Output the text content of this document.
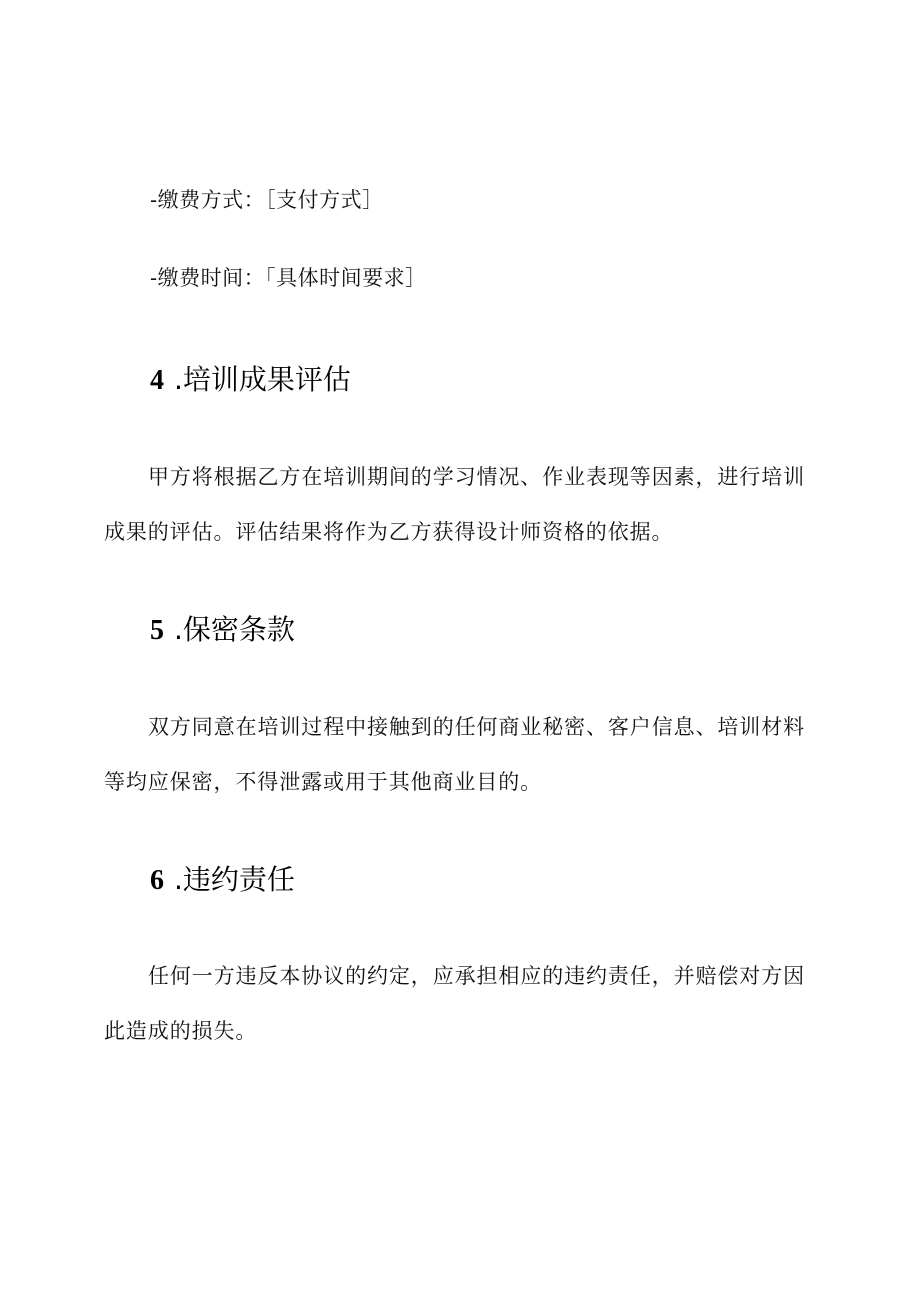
-缴费方式：［支付方式］
-缴费时间：「具体时间要求］
4 .培训成果评估

甲方将根据乙方在培训期间的学习情况、作业表现等因素，进行培训

成果的评估。评估结果将作为乙方获得设计师资格的依据。

5 .保密条款

双方同意在培训过程中接触到的任何商业秘密、客户信息、培训材料

等均应保密，不得泄露或用于其他商业目的。

6 .违约责任

任何一方违反本协议的约定，应承担相应的违约责任，并赔偿对方因

此造成的损失。
